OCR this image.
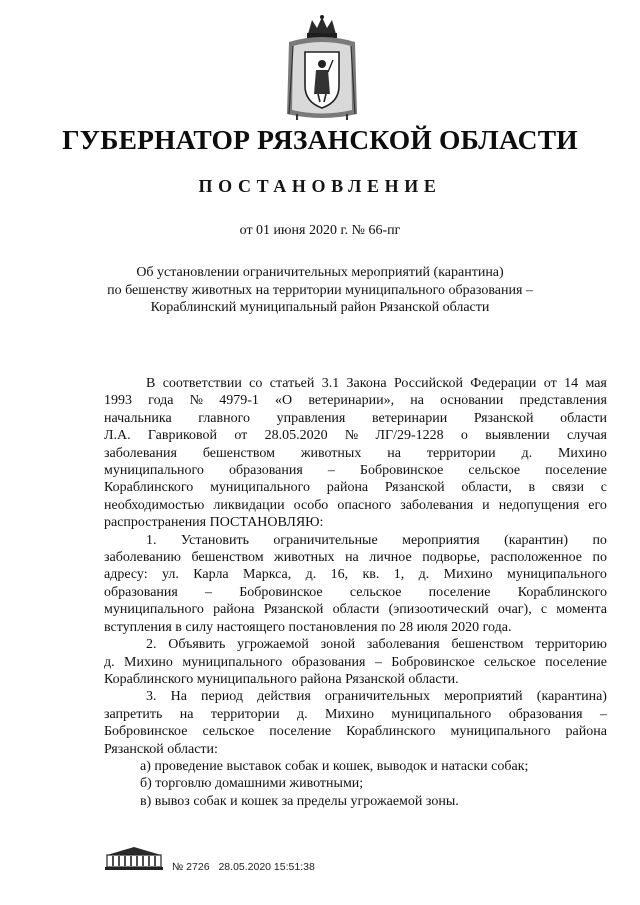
ГУБЕРНАТОР РЯЗАНСКОЙ ОБЛАСТИ
ПОСТАНОВЛЕНИЕ
от 01 июня 2020 г. № 66-пг
Об установлении ограничительных мероприятий (карантина)
по бешенству животных на территории муниципального образования –
Кораблинский муниципальный район Рязанской области
В соответствии со статьей 3.1 Закона Российской Федерации от 14 мая
1993 года № 4979-1 «О ветеринарии», на основании представления
начальника главного управления ветеринарии Рязанской области
Л.А. Гавриковой от 28.05.2020 № ЛГ/29-1228 о выявлении случая
заболевания бешенством животных на территории д. Михино
муниципального образования – Бобровинское сельское поселение
Кораблинского муниципального района Рязанской области, в связи с
необходимостью ликвидации особо опасного заболевания и недопущения его
распространения ПОСТАНОВЛЯЮ:
1. Установить ограничительные мероприятия (карантин) по
заболеванию бешенством животных на личное подворье, расположенное по
адресу: ул. Карла Маркса, д. 16, кв. 1, д. Михино муниципального
образования – Бобровинское сельское поселение Кораблинского
муниципального района Рязанской области (эпизоотический очаг), с момента
вступления в силу настоящего постановления по 28 июля 2020 года.
2. Объявить угрожаемой зоной заболевания бешенством территорию
д. Михино муниципального образования – Бобровинское сельское поселение
Кораблинского муниципального района Рязанской области.
3. На период действия ограничительных мероприятий (карантина)
запретить на территории д. Михино муниципального образования –
Бобровинское сельское поселение Кораблинского муниципального района
Рязанской области:
а) проведение выставок собак и кошек, выводок и натаски собак;
б) торговлю домашними животными;
в) вывоз собак и кошек за пределы угрожаемой зоны.
№ 2726 28.05.2020 15:51:38
